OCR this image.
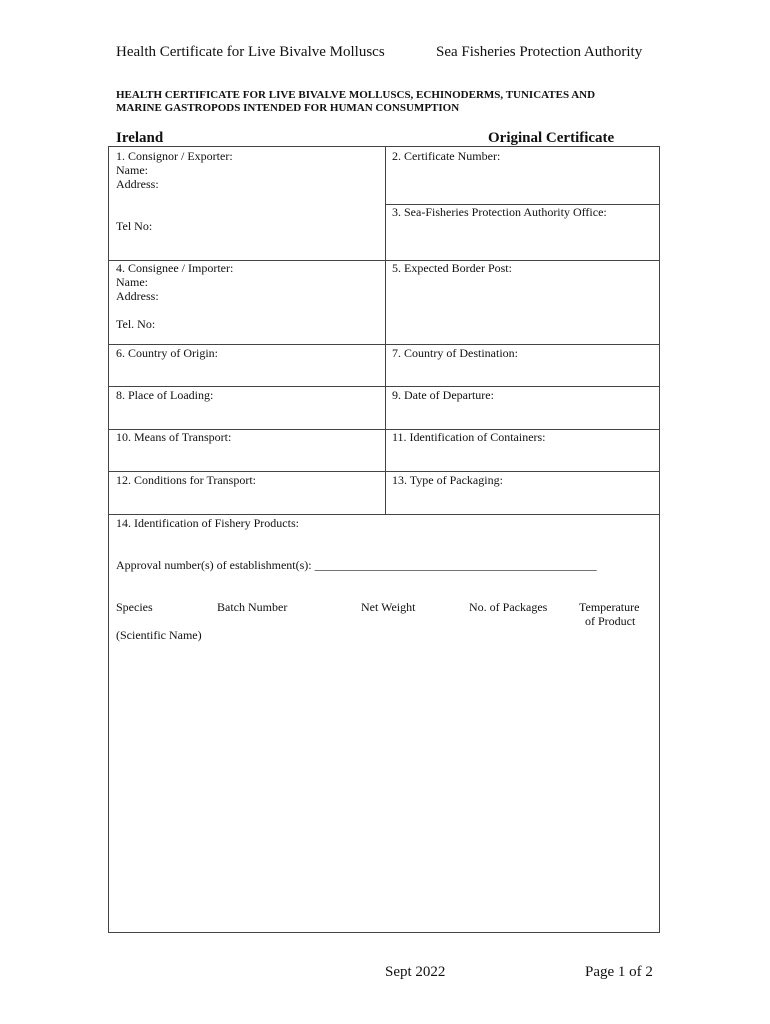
Health Certificate for Live Bivalve Molluscs	Sea Fisheries Protection Authority
HEALTH CERTIFICATE FOR LIVE BIVALVE MOLLUSCS, ECHINODERMS, TUNICATES AND
MARINE GASTROPODS INTENDED FOR HUMAN CONSUMPTION
Ireland	Original Certificate
1. Consignor / Exporter:
Name:
Address:
Tel No:
2. Certificate Number:
3. Sea-Fisheries Protection Authority Office:
4. Consignee / Importer:
Name:
Address:
Tel. No:
5. Expected Border Post:
6. Country of Origin:	7. Country of Destination:
8. Place of Loading:	9. Date of Departure:
10. Means of Transport:	11. Identification of Containers:
12. Conditions for Transport:	13. Type of Packaging:
14. Identification of Fishery Products:
Approval number(s) of establishment(s): _______________________________________________
Species	Batch Number	Net Weight	No. of Packages	Temperature
of Product
(Scientific Name)
Sept 2022	Page 1 of 2
